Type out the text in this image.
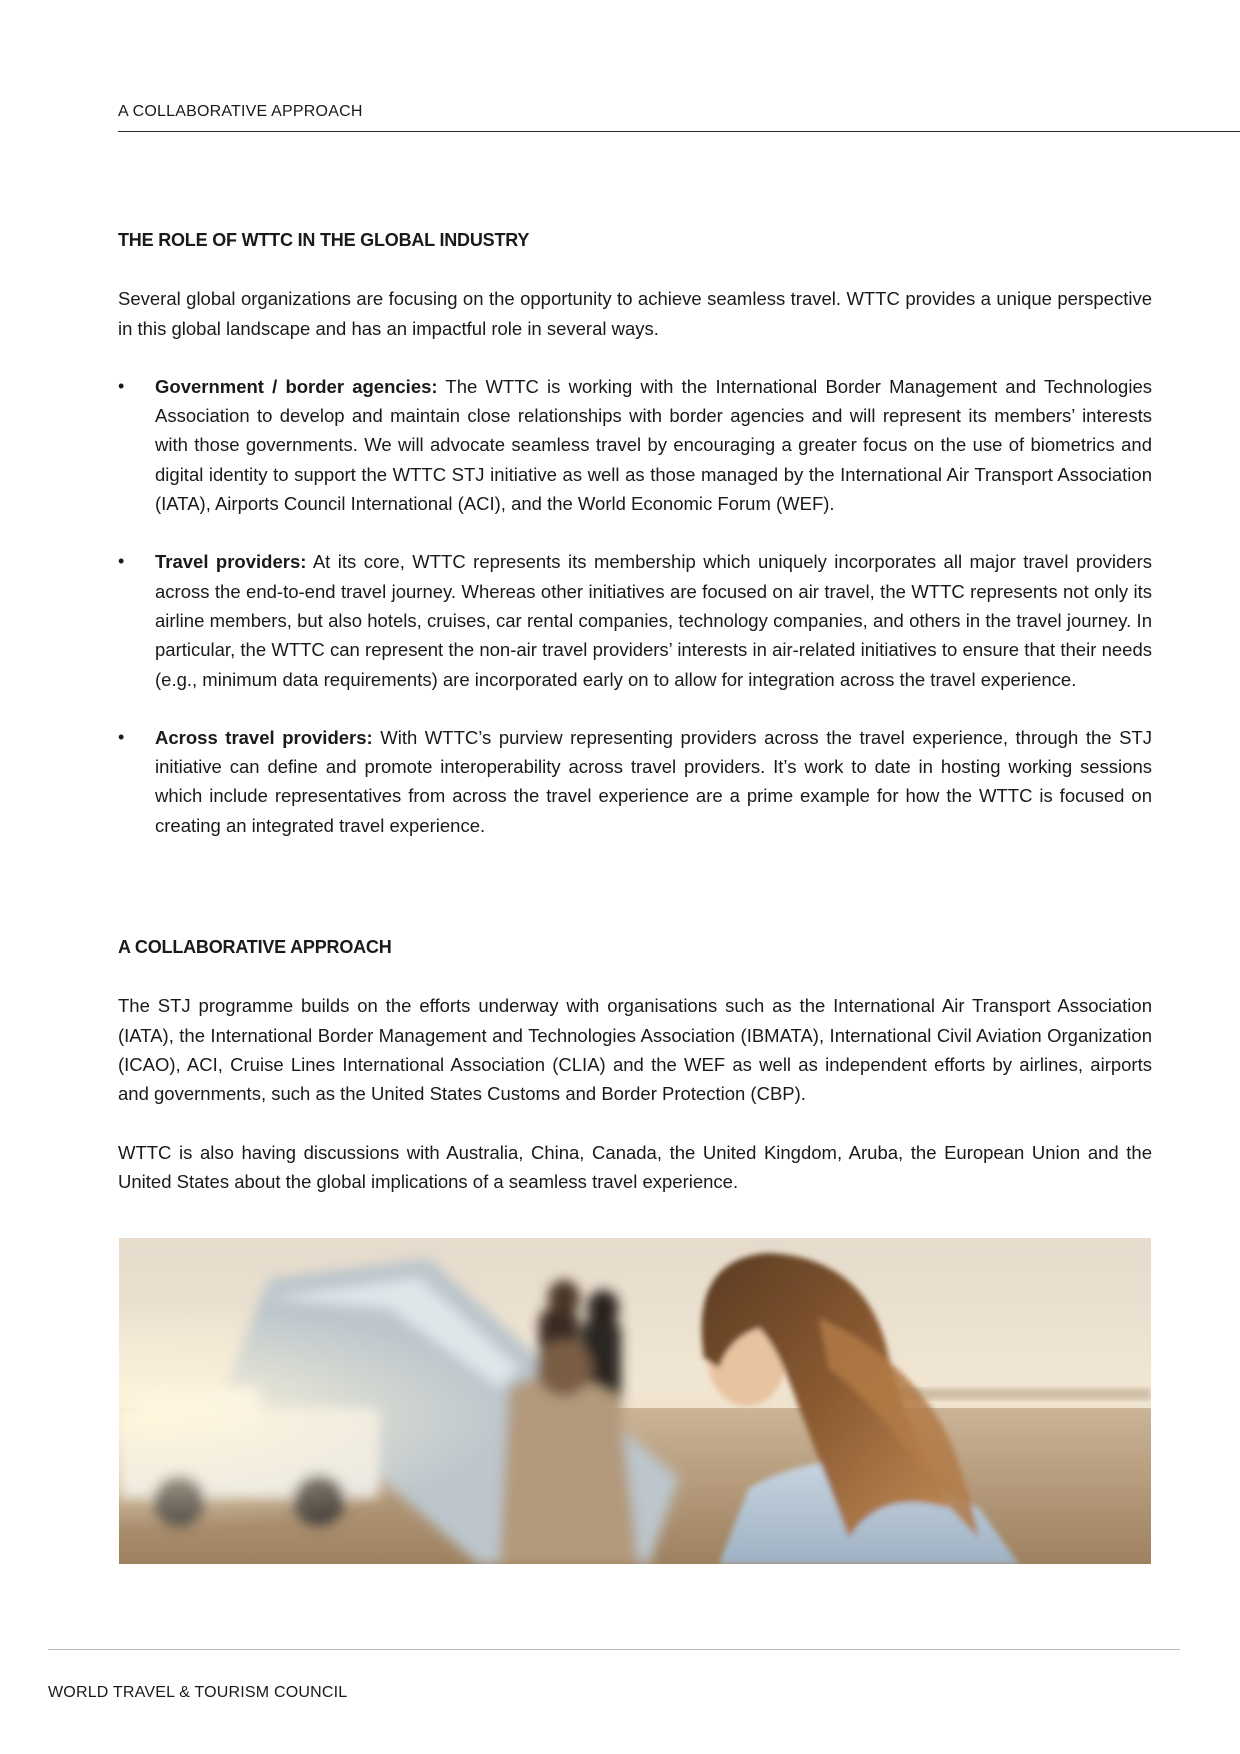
A COLLABORATIVE APPROACH
THE ROLE OF WTTC IN THE GLOBAL INDUSTRY

Several global organizations are focusing on the opportunity to achieve seamless travel. WTTC provides a unique perspective in this global landscape and has an impactful role in several ways.

• Government / border agencies: The WTTC is working with the International Border Management and Technologies Association to develop and maintain close relationships with border agencies and will represent its members’ interests with those governments. We will advocate seamless travel by encouraging a greater focus on the use of biometrics and digital identity to support the WTTC STJ initiative as well as those managed by the International Air Transport Association (IATA), Airports Council International (ACI), and the World Economic Forum (WEF).
• Travel providers: At its core, WTTC represents its membership which uniquely incorporates all major travel providers across the end-to-end travel journey. Whereas other initiatives are focused on air travel, the WTTC represents not only its airline members, but also hotels, cruises, car rental companies, technology companies, and others in the travel journey. In particular, the WTTC can represent the non-air travel providers’ interests in air-related initiatives to ensure that their needs (e.g., minimum data requirements) are incorporated early on to allow for integration across the travel experience.
• Across travel providers: With WTTC’s purview representing providers across the travel experience, through the STJ initiative can define and promote interoperability across travel providers. It’s work to date in hosting working sessions which include representatives from across the travel experience are a prime example for how the WTTC is focused on creating an integrated travel experience.
A COLLABORATIVE APPROACH

The STJ programme builds on the efforts underway with organisations such as the International Air Transport Association (IATA), the International Border Management and Technologies Association (IBMATA), International Civil Aviation Organization (ICAO), ACI, Cruise Lines International Association (CLIA) and the WEF as well as independent efforts by airlines, airports and governments, such as the United States Customs and Border Protection (CBP).

WTTC is also having discussions with Australia, China, Canada, the United Kingdom, Aruba, the European Union and the United States about the global implications of a seamless travel experience.

WORLD TRAVEL & TOURISM COUNCIL
